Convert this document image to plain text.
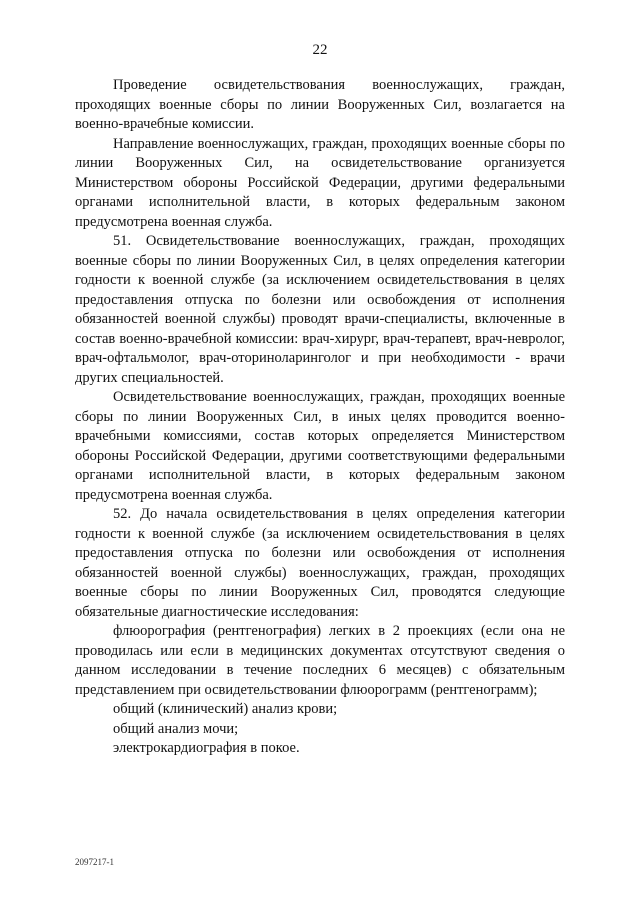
22

Проведение освидетельствования военнослужащих, граждан, проходящих военные сборы по линии Вооруженных Сил, возлагается на военно-врачебные комиссии.

Направление военнослужащих, граждан, проходящих военные сборы по линии Вооруженных Сил, на освидетельствование организуется Министерством обороны Российской Федерации, другими федеральными органами исполнительной власти, в которых федеральным законом предусмотрена военная служба.

51. Освидетельствование военнослужащих, граждан, проходящих военные сборы по линии Вооруженных Сил, в целях определения категории годности к военной службе (за исключением освидетельствования в целях предоставления отпуска по болезни или освобождения от исполнения обязанностей военной службы) проводят врачи-специалисты, включенные в состав военно-врачебной комиссии: врач-хирург, врач-терапевт, врач-невролог, врач-офтальмолог, врач-оториноларинголог и при необходимости - врачи других специальностей.

Освидетельствование военнослужащих, граждан, проходящих военные сборы по линии Вооруженных Сил, в иных целях проводится военно-врачебными комиссиями, состав которых определяется Министерством обороны Российской Федерации, другими соответствующими федеральными органами исполнительной власти, в которых федеральным законом предусмотрена военная служба.

52. До начала освидетельствования в целях определения категории годности к военной службе (за исключением освидетельствования в целях предоставления отпуска по болезни или освобождения от исполнения обязанностей военной службы) военнослужащих, граждан, проходящих военные сборы по линии Вооруженных Сил, проводятся следующие обязательные диагностические исследования:

флюорография (рентгенография) легких в 2 проекциях (если она не проводилась или если в медицинских документах отсутствуют сведения о данном исследовании в течение последних 6 месяцев) с обязательным представлением при освидетельствовании флюорограмм (рентгенограмм);

общий (клинический) анализ крови;

общий анализ мочи;

электрокардиография в покое.

2097217-1
